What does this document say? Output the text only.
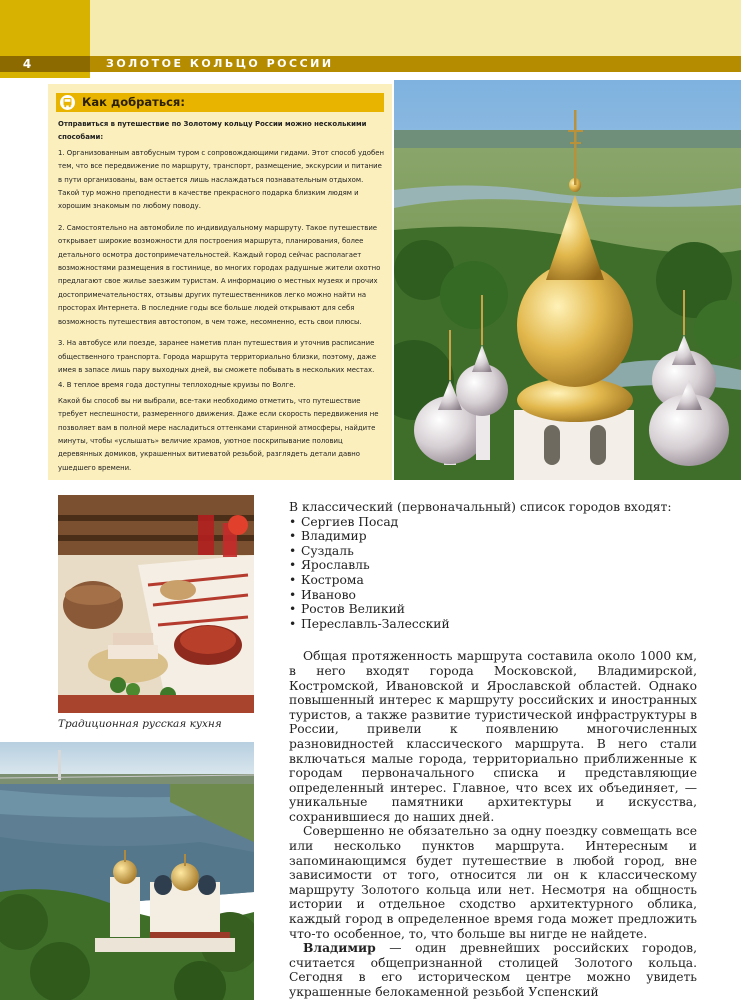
4	ЗОЛОТОЕ КОЛЬЦО РОССИИ
Как добраться:

Отправиться в путешествие по Золотому кольцу России можно несколькими способами:

1. Организованным автобусным туром с сопровождающими гидами. Этот способ удобен тем, что все передвижение по маршруту, транспорт, размещение, экскурсии и питание в пути организованы, вам остается лишь наслаждаться познавательным отдыхом. Такой тур можно преподнести в качестве прекрасного подарка близким людям и хорошим знакомым по любому поводу.

2. Самостоятельно на автомобиле по индивидуальному маршруту. Такое путешествие открывает широкие возможности для построения маршрута, планирования, более детального осмотра достопримечательностей. Каждый город сейчас располагает возможностями размещения в гостинице, во многих городах радушные жители охотно предлагают свое жилье заезжим туристам. А информацию о местных музеях и прочих достопримечательностях, отзывы других путешественников легко можно найти на просторах Интернета. В последние годы все больше людей открывают для себя возможность путешествия автостопом, в чем тоже, несомненно, есть свои плюсы.

3. На автобусе или поезде, заранее наметив план путешествия и уточнив расписание общественного транспорта. Города маршрута территориально близки, поэтому, даже имея в запасе лишь пару выходных дней, вы сможете побывать в нескольких местах.

4. В теплое время года доступны теплоходные круизы по Волге.

Какой бы способ вы ни выбрали, все-таки необходимо отметить, что путешествие требует неспешности, размеренного движения. Даже если скорость передвижения не позволяет вам в полной мере насладиться оттенками старинной атмосферы, найдите минуты, чтобы «услышать» величие храмов, уютное поскрипывание половиц деревянных домиков, украшенных витиеватой резьбой, разглядеть детали давно ушедшего времени.

Традиционная русская кухня

В классический (первоначальный) список городов входят:

• Сергиев Посад
• Владимир
• Суздаль
• Ярославль
• Кострома
• Иваново
• Ростов Великий
• Переславль-Залесский

Общая протяженность маршрута составила около 1000 км, в него входят города Московской, Владимирской, Костромской, Ивановской и Ярославской областей. Однако повышенный интерес к маршруту российских и иностранных туристов, а также развитие туристической инфраструктуры в России, привели к появлению многочисленных разновидностей классического маршрута. В него стали включаться малые города, территориально приближенные к городам первоначального списка и представляющие определенный интерес. Главное, что всех их объединяет, — уникальные памятники архитектуры и искусства, сохранившиеся до наших дней.

Совершенно не обязательно за одну поездку совмещать все или несколько пунктов маршрута. Интересным и запоминающимся будет путешествие в любой город, вне зависимости от того, относится ли он к классическому маршруту Золотого кольца или нет. Несмотря на общность истории и отдельное сходство архитектурного облика, каждый город в определенное время года может предложить что-то особенное, то, что больше вы нигде не найдете.

Владимир — один древнейших российских городов, считается общепризнанной столицей Золотого кольца. Сегодня в его историческом центре можно увидеть украшенные белокаменной резьбой Успенский
